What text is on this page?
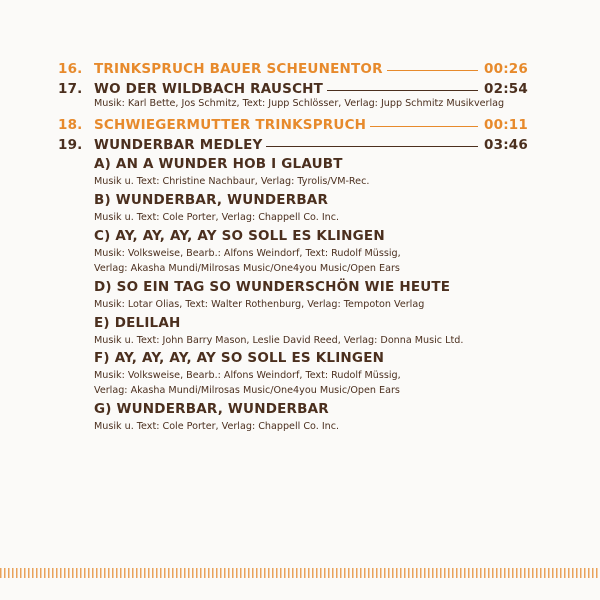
16. TRINKSPRUCH BAUER SCHEUNENTOR	00:26
17. WO DER WILDBACH RAUSCHT	02:54
Musik: Karl Bette, Jos Schmitz, Text: Jupp Schlösser, Verlag: Jupp Schmitz Musikverlag
18. SCHWIEGERMUTTER TRINKSPRUCH	00:11
19. WUNDERBAR MEDLEY	03:46
A) AN A WUNDER HOB I GLAUBT
Musik u. Text: Christine Nachbaur, Verlag: Tyrolis/VM-Rec.
B) WUNDERBAR, WUNDERBAR
Musik u. Text: Cole Porter, Verlag: Chappell Co. Inc.
C) AY, AY, AY, AY SO SOLL ES KLINGEN
Musik: Volksweise, Bearb.: Alfons Weindorf, Text: Rudolf Müssig,
Verlag: Akasha Mundi/Milrosas Music/One4you Music/Open Ears
D) SO EIN TAG SO WUNDERSCHÖN WIE HEUTE
Musik: Lotar Olias, Text: Walter Rothenburg, Verlag: Tempoton Verlag
E) DELILAH
Musik u. Text: John Barry Mason, Leslie David Reed, Verlag: Donna Music Ltd.
F) AY, AY, AY, AY SO SOLL ES KLINGEN
Musik: Volksweise, Bearb.: Alfons Weindorf, Text: Rudolf Müssig,
Verlag: Akasha Mundi/Milrosas Music/One4you Music/Open Ears
G) WUNDERBAR, WUNDERBAR
Musik u. Text: Cole Porter, Verlag: Chappell Co. Inc.
